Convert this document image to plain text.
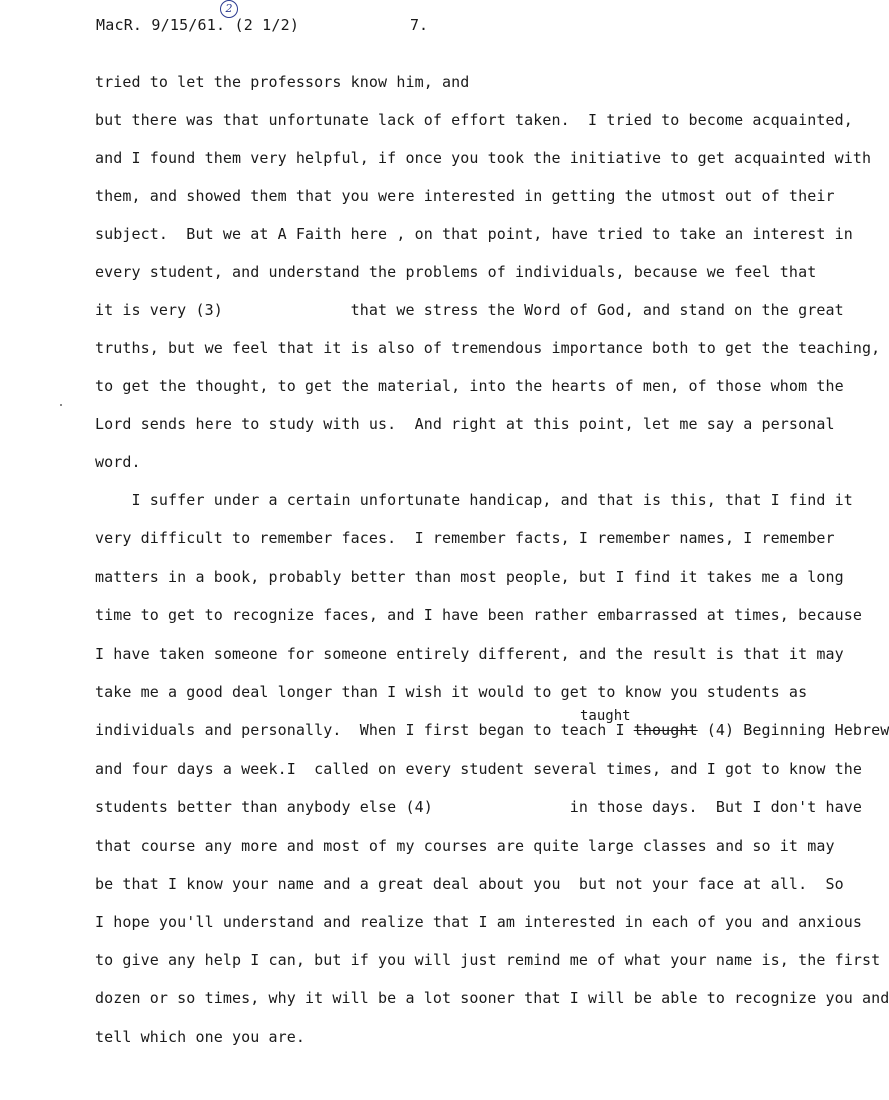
MacR. 9/15/61. (2 1/2)
2
7.
tried to let the professors know him, and
but there was that unfortunate lack of effort taken.  I tried to become acquainted,
and I found them very helpful, if once you took the initiative to get acquainted with
them, and showed them that you were interested in getting the utmost out of their
subject.  But we at A Faith here , on that point, have tried to take an interest in
every student, and understand the problems of individuals, because we feel that
it is very (3)              that we stress the Word of God, and stand on the great
truths, but we feel that it is also of tremendous importance both to get the teaching,
to get the thought, to get the material, into the hearts of men, of those whom the
Lord sends here to study with us.  And right at this point, let me say a personal
word.
I suffer under a certain unfortunate handicap, and that is this, that I find it
very difficult to remember faces.  I remember facts, I remember names, I remember
matters in a book, probably better than most people, but I find it takes me a long
time to get to recognize faces, and I have been rather embarrassed at times, because
I have taken someone for someone entirely different, and the result is that it may
take me a good deal longer than I wish it would to get to know you students as
taught
individuals and personally.  When I first began to teach I thought (4) Beginning Hebrew
and four days a week.I  called on every student several times, and I got to know the
students better than anybody else (4)               in those days.  But I don't have
that course any more and most of my courses are quite large classes and so it may
be that I know your name and a great deal about you  but not your face at all.  So
I hope you'll understand and realize that I am interested in each of you and anxious
to give any help I can, but if you will just remind me of what your name is, the first
dozen or so times, why it will be a lot sooner that I will be able to recognize you and
tell which one you are.
